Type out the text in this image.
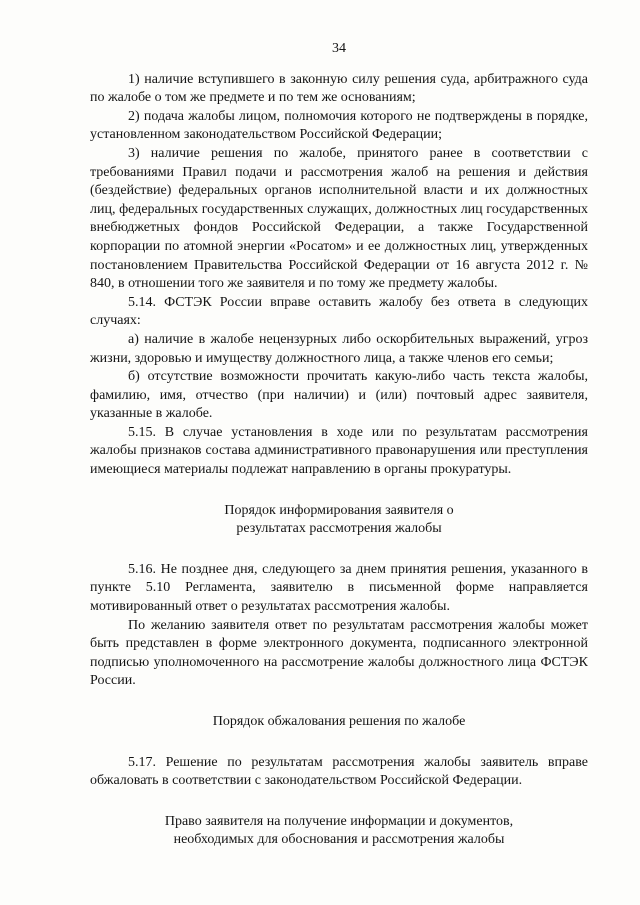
34

1) наличие вступившего в законную силу решения суда, арбитражного суда по жалобе о том же предмете и по тем же основаниям;

2) подача жалобы лицом, полномочия которого не подтверждены в порядке, установленном законодательством Российской Федерации;

3) наличие решения по жалобе, принятого ранее в соответствии с требованиями Правил подачи и рассмотрения жалоб на решения и действия (бездействие) федеральных органов исполнительной власти и их должностных лиц, федеральных государственных служащих, должностных лиц государственных внебюджетных фондов Российской Федерации, а также Государственной корпорации по атомной энергии «Росатом» и ее должностных лиц, утвержденных постановлением Правительства Российской Федерации от 16 августа 2012 г. № 840, в отношении того же заявителя и по тому же предмету жалобы.

5.14. ФСТЭК России вправе оставить жалобу без ответа в следующих случаях:

а) наличие в жалобе нецензурных либо оскорбительных выражений, угроз жизни, здоровью и имуществу должностного лица, а также членов его семьи;

б) отсутствие возможности прочитать какую-либо часть текста жалобы, фамилию, имя, отчество (при наличии) и (или) почтовый адрес заявителя, указанные в жалобе.

5.15. В случае установления в ходе или по результатам рассмотрения жалобы признаков состава административного правонарушения или преступления имеющиеся материалы подлежат направлению в органы прокуратуры.

Порядок информирования заявителя о
результатах рассмотрения жалобы

5.16. Не позднее дня, следующего за днем принятия решения, указанного в пункте 5.10 Регламента, заявителю в письменной форме направляется мотивированный ответ о результатах рассмотрения жалобы.

По желанию заявителя ответ по результатам рассмотрения жалобы может быть представлен в форме электронного документа, подписанного электронной подписью уполномоченного на рассмотрение жалобы должностного лица ФСТЭК России.

Порядок обжалования решения по жалобе

5.17. Решение по результатам рассмотрения жалобы заявитель вправе обжаловать в соответствии с законодательством Российской Федерации.

Право заявителя на получение информации и документов,
необходимых для обоснования и рассмотрения жалобы
